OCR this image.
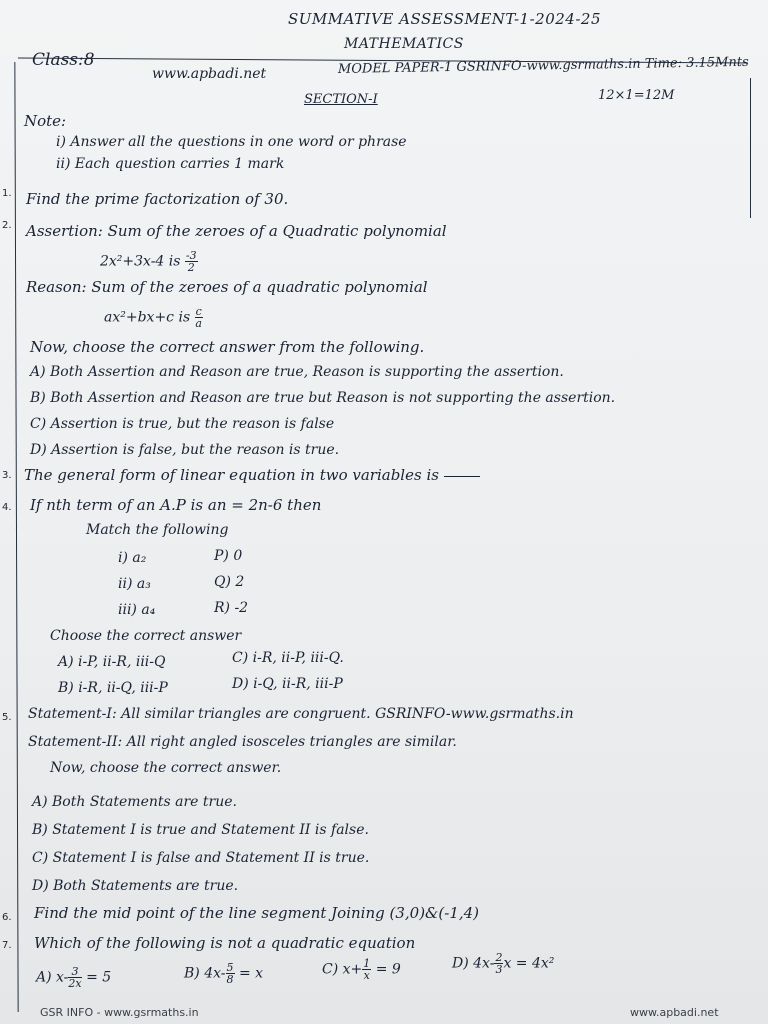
SUMMATIVE ASSESSMENT-1-2024-25
MATHEMATICS
Class:8
www.apbadi.net	MODEL PAPER-1 GSRINFO-www.gsrmaths.in Time: 3.15Mnts
SECTION-I	12×1=12M
Note:
i) Answer all the questions in one word or phrase
ii) Each question carries 1 mark
1. Find the prime factorization of 30.
2. Assertion: Sum of the zeroes of a Quadratic polynomial
2x²+3x-4 is $\frac{-3}{2}$
Reason: Sum of the zeroes of a quadratic polynomial
ax²+bx+c is $\frac{c}{a}$
Now, choose the correct answer from the following.
A) Both Assertion and Reason are true, Reason is supporting the assertion.
B) Both Assertion and Reason are true but Reason is not supporting the assertion.
C) Assertion is true, but the reason is false
D) Assertion is false, but the reason is true.
3. The general form of linear equation in two variables is
4. If nth term of an A.P is an = 2n-6 then
Match the following
i) a₂	P) 0
ii) a₃	Q) 2
iii) a₄	R) -2
Choose the correct answer
A) i-P, ii-R, iii-Q	C) i-R, ii-P, iii-Q.
B) i-R, ii-Q, iii-P	D) i-Q, ii-R, iii-P
5. Statement-I: All similar triangles are congruent. GSRINFO-www.gsrmaths.in
Statement-II: All right angled isosceles triangles are similar.
Now, choose the correct answer.
A) Both Statements are true.
B) Statement I is true and Statement II is false.
C) Statement I is false and Statement II is true.
D) Both Statements are true.
6. Find the mid point of the line segment Joining (3,0)&(-1,4)
7. Which of the following is not a quadratic equation
A) $x- \frac{3}{2x} = 5$	B) $4x- \frac{5}{8} = x$	C) $x+ \frac{1}{x} = 9$	D) $4x- \frac{2}{3}$ x = 4x²
GSR INFO - www.gsrmaths.in	www.apbadi.net
